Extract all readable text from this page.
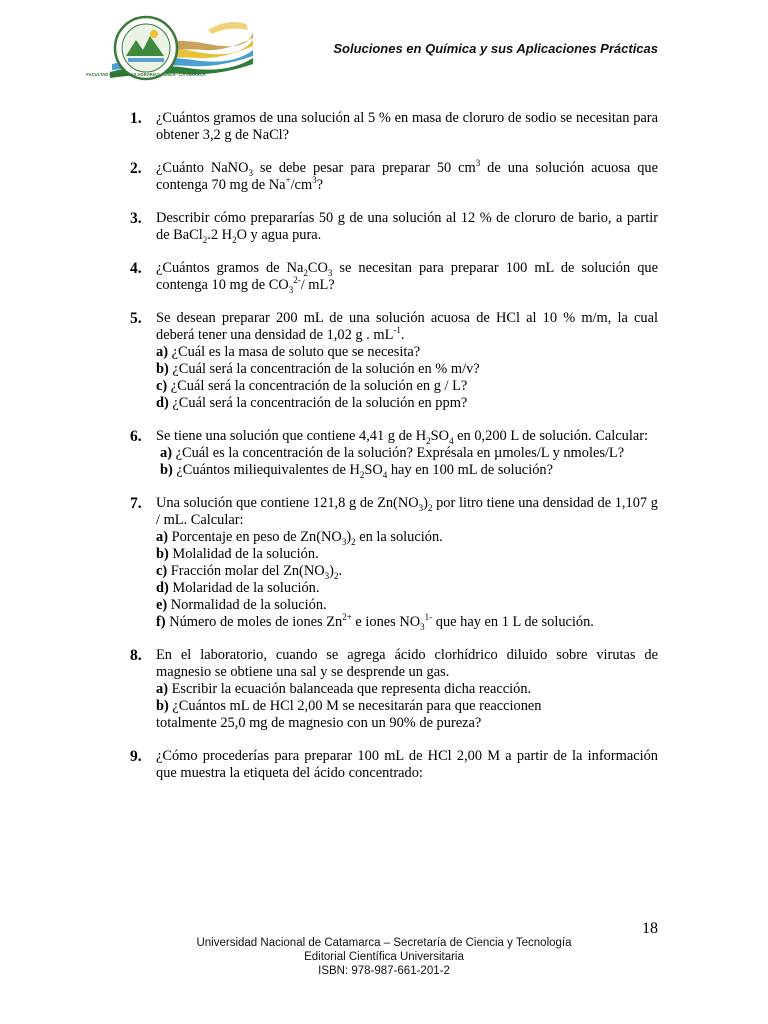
FACULTAD DE CIENCIAS AGRARIAS · UNCA · CATAMARCA
Soluciones en Química y sus Aplicaciones Prácticas
1. ¿Cuántos gramos de una solución al 5 % en masa de cloruro de sodio se necesitan para obtener 3,2 g de NaCl?
2. ¿Cuánto NaNO$_3$ se debe pesar para preparar 50 $cm^3$ de una solución acuosa que contenga 70 mg de $Na^+/cm^3$?
3. Describir cómo prepararías 50 g de una solución al 12 % de cloruro de bario, a partir de BaCl$_2$.2 $H_2O$ y agua pura.
4. ¿Cuántos gramos de $Na_2CO_3$ se necesitan para preparar 100 mL de solución que contenga 10 mg de $CO_3^{2-}/$ mL?
5. Se desean preparar 200 mL de una solución acuosa de HCl al 10 % m/m, la cual deberá tener una densidad de 1,02 g . $mL^{-1}$.
a) ¿Cuál es la masa de soluto que se necesita?
b) ¿Cuál será la concentración de la solución en % m/v?
c) ¿Cuál será la concentración de la solución en g / L?
d) ¿Cuál será la concentración de la solución en ppm?
6. Se tiene una solución que contiene 4,41 g de $H_2SO_4$ en 0,200 L de solución. Calcular:
a) ¿Cuál es la concentración de la solución? Exprésala en µmoles/L y nmoles/L?
b) ¿Cuántos miliequivalentes de $H_2SO_4$ hay en 100 mL de solución?
7. Una solución que contiene 121,8 g de $Zn(NO_3)_2$ por litro tiene una densidad de 1,107 g / mL. Calcular:
a) Porcentaje en peso de $Zn(NO_3)_2$ en la solución.
b) Molalidad de la solución.
c) Fracción molar del $Zn(NO_3)_2$.
d) Molaridad de la solución.
e) Normalidad de la solución.
f) Número de moles de iones $Zn^{2+}$ e iones $NO_3^{1-}$ que hay en 1 L de solución.
8. En el laboratorio, cuando se agrega ácido clorhídrico diluido sobre virutas de magnesio se obtiene una sal y se desprende un gas.
a) Escribir la ecuación balanceada que representa dicha reacción.
b) ¿Cuántos mL de HCl 2,00 M se necesitarán para que reaccionen
totalmente 25,0 mg de magnesio con un 90% de pureza?
9. ¿Cómo procederías para preparar 100 mL de HCl 2,00 M a partir de la información que muestra la etiqueta del ácido concentrado:
18
Universidad Nacional de Catamarca – Secretaría de Ciencia y Tecnología
Editorial Científica Universitaria
ISBN: 978-987-661-201-2
